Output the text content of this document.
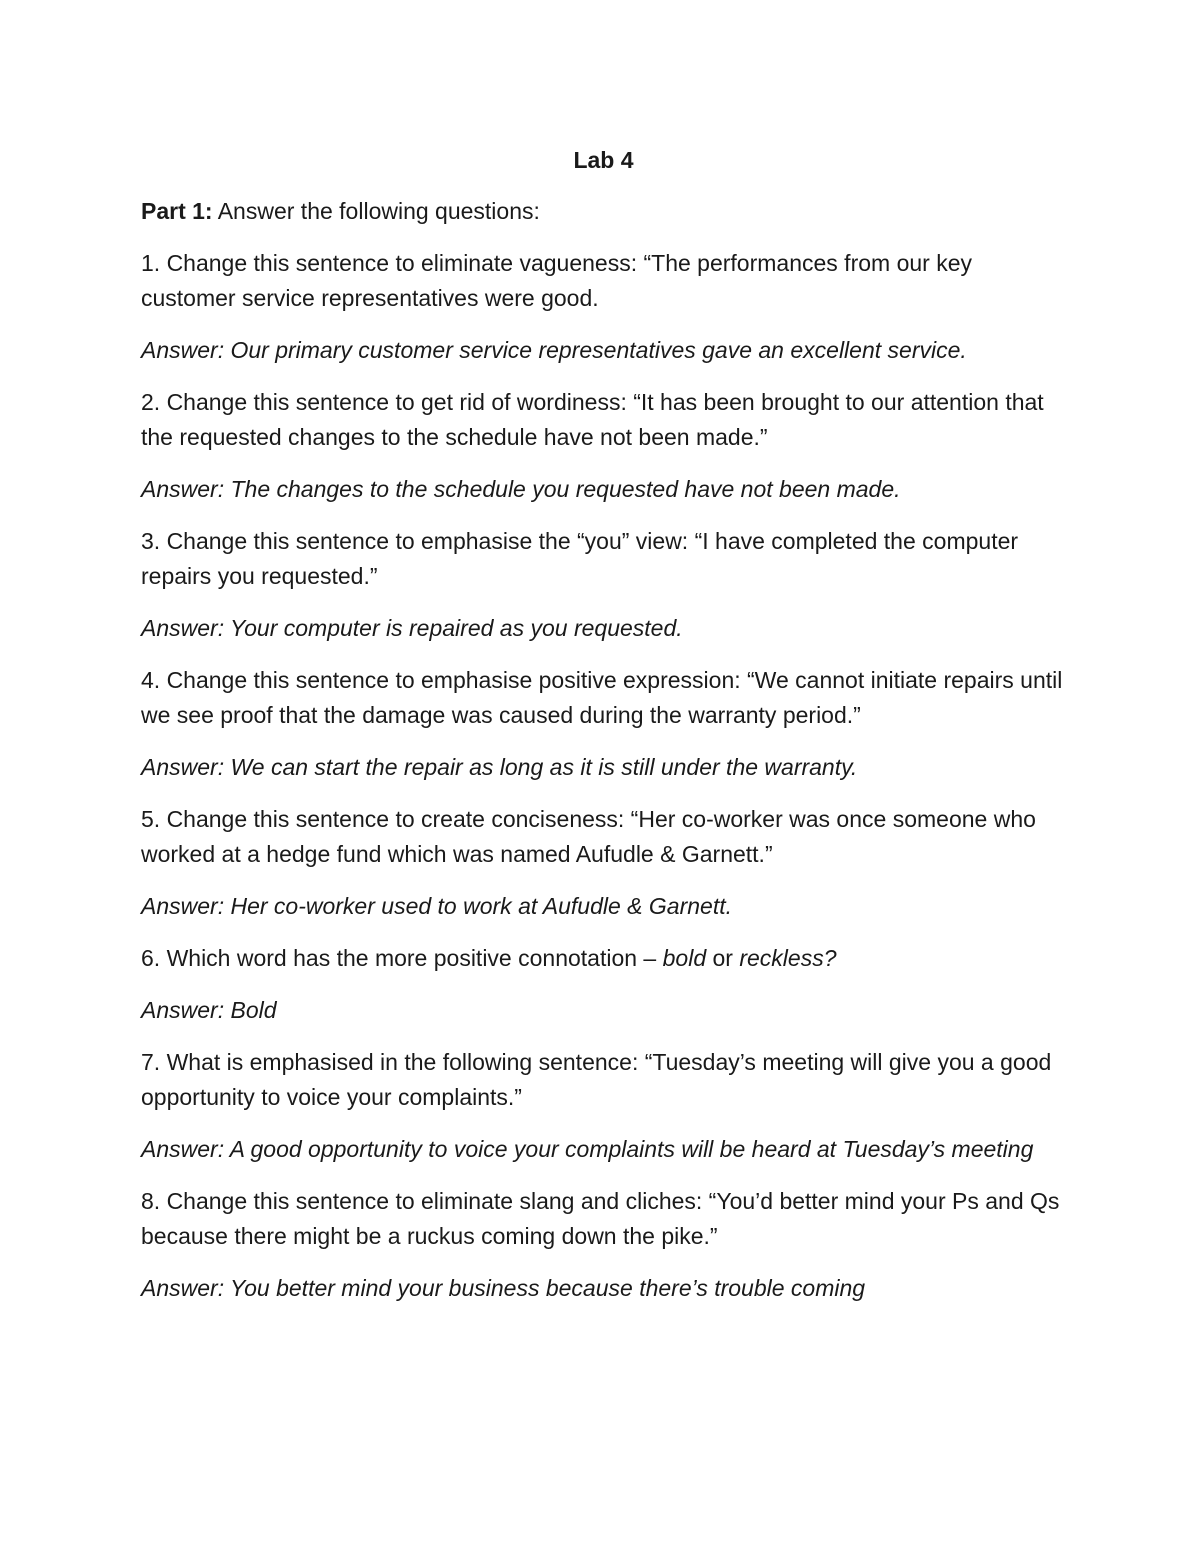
Lab 4
Part 1: Answer the following questions:
1. Change this sentence to eliminate vagueness: “The performances from our key customer service representatives were good.
Answer: Our primary customer service representatives gave an excellent service.
2. Change this sentence to get rid of wordiness: “It has been brought to our attention that the requested changes to the schedule have not been made.”
Answer: The changes to the schedule you requested have not been made.
3. Change this sentence to emphasise the “you” view: “I have completed the computer repairs you requested.”
Answer: Your computer is repaired as you requested.
4. Change this sentence to emphasise positive expression: “We cannot initiate repairs until we see proof that the damage was caused during the warranty period.”
Answer: We can start the repair as long as it is still under the warranty.
5. Change this sentence to create conciseness: “Her co-worker was once someone who worked at a hedge fund which was named Aufudle & Garnett.”
Answer: Her co-worker used to work at Aufudle & Garnett.
6. Which word has the more positive connotation – bold or reckless?
Answer: Bold
7. What is emphasised in the following sentence: “Tuesday’s meeting will give you a good opportunity to voice your complaints.”
Answer: A good opportunity to voice your complaints will be heard at Tuesday’s meeting
8. Change this sentence to eliminate slang and cliches: “You’d better mind your Ps and Qs because there might be a ruckus coming down the pike.”
Answer: You better mind your business because there’s trouble coming
